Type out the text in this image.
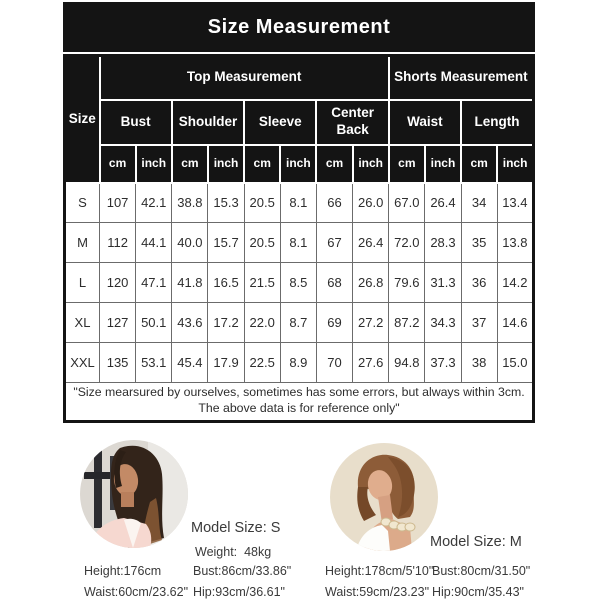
Size Measurement
Size	Top Measurement								Shorts Measurement			
	Bust		Shoulder		Sleeve		Center Back		Waist		Length	
	cm	inch	cm	inch	cm	inch	cm	inch	cm	inch	cm	inch
S	107	42.1	38.8	15.3	20.5	8.1	66	26.0	67.0	26.4	34	13.4
M	112	44.1	40.0	15.7	20.5	8.1	67	26.4	72.0	28.3	35	13.8
L	120	47.1	41.8	16.5	21.5	8.5	68	26.8	79.6	31.3	36	14.2
XL	127	50.1	43.6	17.2	22.0	8.7	69	27.2	87.2	34.3	37	14.6
XXL	135	53.1	45.4	17.9	22.5	8.9	70	27.6	94.8	37.3	38	15.0

"Size mearsured by ourselves, sometimes has some errors, but always within 3cm.
The above data is for reference only"												
Model Size: S
Weight:  48kg
Height:176cm	Bust:86cm/33.86"
Waist:60cm/23.62" Hip:93cm/36.61"
Model Size: M
Height:178cm/5'10"
Bust:80cm/31.50"
Waist:59cm/23.23" Hip:90cm/35.43"
